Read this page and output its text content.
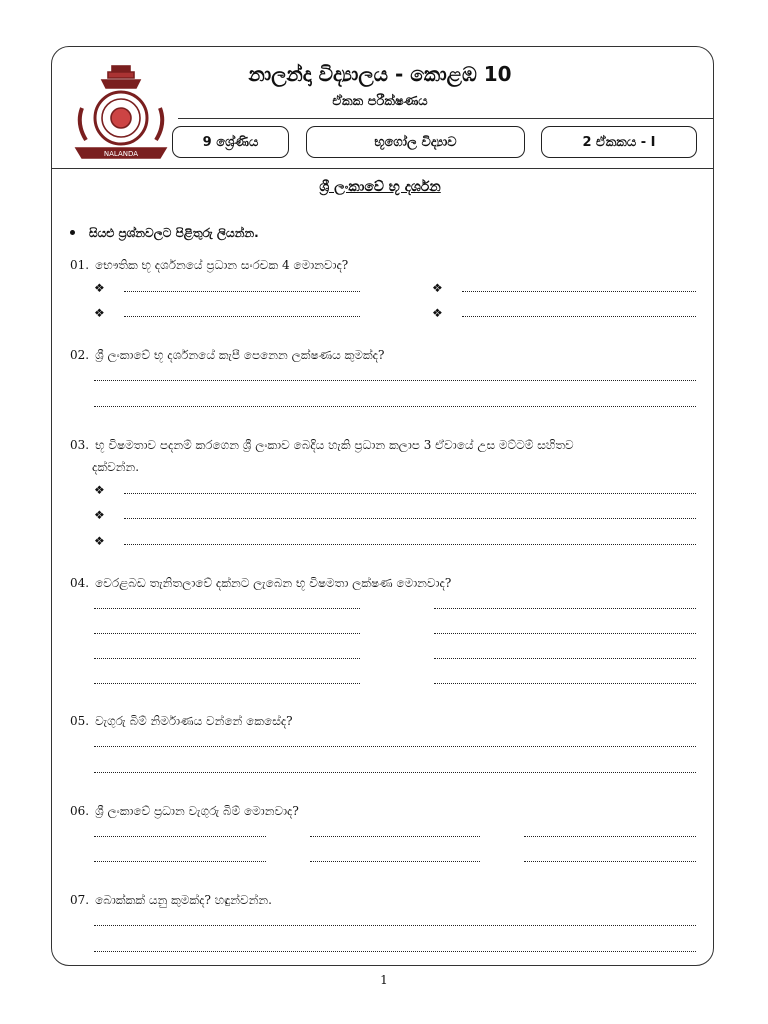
NALANDA
නාලන්දා විද්‍යාලය - කොළඹ 10
ඒකක පරීක්ෂණය
9 ශ්‍රේණිය	භූගෝල විද්‍යාව	2 ඒකකය - I
ශ්‍රී ලංකාවේ භූ දර්ශන
සියළු ප්‍රශ්නවලට පිළිතුරු ලියන්න.
01. භෞතික භූ දර්ශනයේ ප්‍රධාන සංරචක 4 මොනවාද?
❖	❖
❖	❖
02. ශ්‍රී ලංකාවේ භූ දර්ශනයේ කැපී පෙනෙන ලක්ෂණය කුමක්ද?
03. භූ විෂමතාව පදනම් කරගෙන ශ්‍රී ලංකාව බෙදිය හැකි ප්‍රධාන කලාප 3 ඒවායේ උස මට්ටම් සහිතව
දක්වන්න.
❖
❖
❖
04. වෙරළබඩ තැනිතලාවේ දක්නට ලැබෙන භූ විෂමතා ලක්ෂණ මොනවාද?
05. වැගුරු බිම් නිර්මාණය වන්නේ කෙසේද?
06. ශ්‍රී ලංකාවේ ප්‍රධාන වැගුරු බිම් මොනවාද?
07. බොක්කක් යනු කුමක්ද? හඳුන්වන්න.
1
